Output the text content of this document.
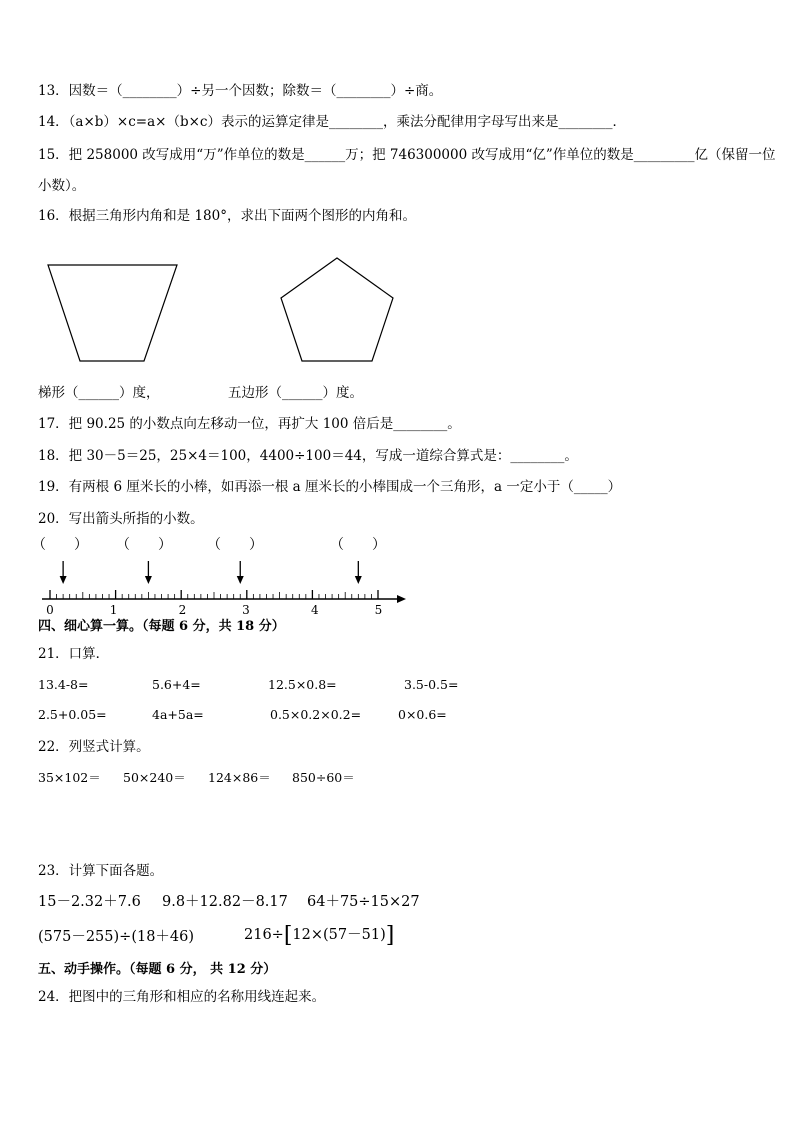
13．因数＝（________）÷另一个因数；除数＝（________）÷商。
14．（a×b）×c=a×（b×c）表示的运算定律是________，乘法分配律用字母写出来是________．
15．把 258000 改写成用“万”作单位的数是______万；把 746300000 改写成用“亿”作单位的数是_________亿（保留一位
小数）。
16．根据三角形内角和是 180°，求出下面两个图形的内角和。
梯形（______）度，	五边形（______）度。
17．把 90.25 的小数点向左移动一位，再扩大 100 倍后是________。
18．把 30－5＝25，25×4＝100，4400÷100＝44，写成一道综合算式是：________。
19．有两根 6 厘米长的小棒，如再添一根 a 厘米长的小棒围成一个三角形，a 一定小于（_____）
20．写出箭头所指的小数。
（　　） （　　）	（　　）	（　　）
0	1	2	3	4	5
四、细心算一算。（每题 6 分，共 18 分）
21．口算．
13.4-8=	5.6+4=	12.5×0.8=	3.5-0.5=
2.5+0.05=	4a+5a=	0.5×0.2×0.2=	0×0.6=
22．列竖式计算。
35×102＝ 50×240＝ 124×86＝ 850÷60＝
23．计算下面各题。
15－2.32＋7.6 9.8＋12.82－8.17 64＋75÷15×27
(575－255)÷(18＋46)	216÷[12×(57－51)]
五、动手操作。（每题 6 分， 共 12 分）
24．把图中的三角形和相应的名称用线连起来。
